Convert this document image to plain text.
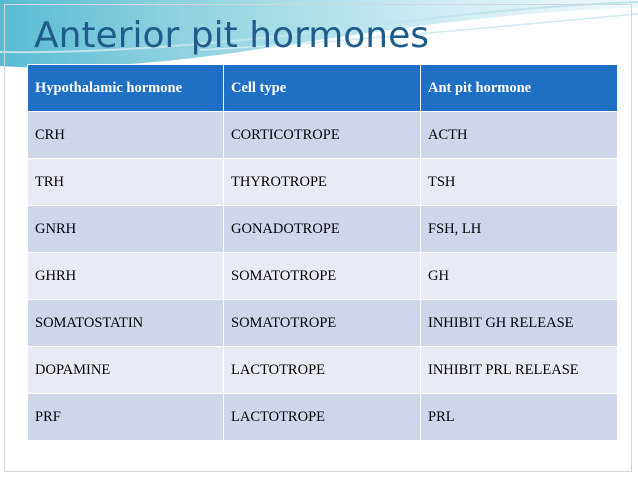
Anterior pit hormones
Hypothalamic hormone	Cell type	Ant pit hormone
CRH	CORTICOTROPE	ACTH
TRH	THYROTROPE	TSH
GNRH	GONADOTROPE	FSH, LH
GHRH	SOMATOTROPE	GH
SOMATOSTATIN	SOMATOTROPE	INHIBIT GH RELEASE
DOPAMINE	LACTOTROPE	INHIBIT PRL RELEASE
PRF	LACTOTROPE	PRL
